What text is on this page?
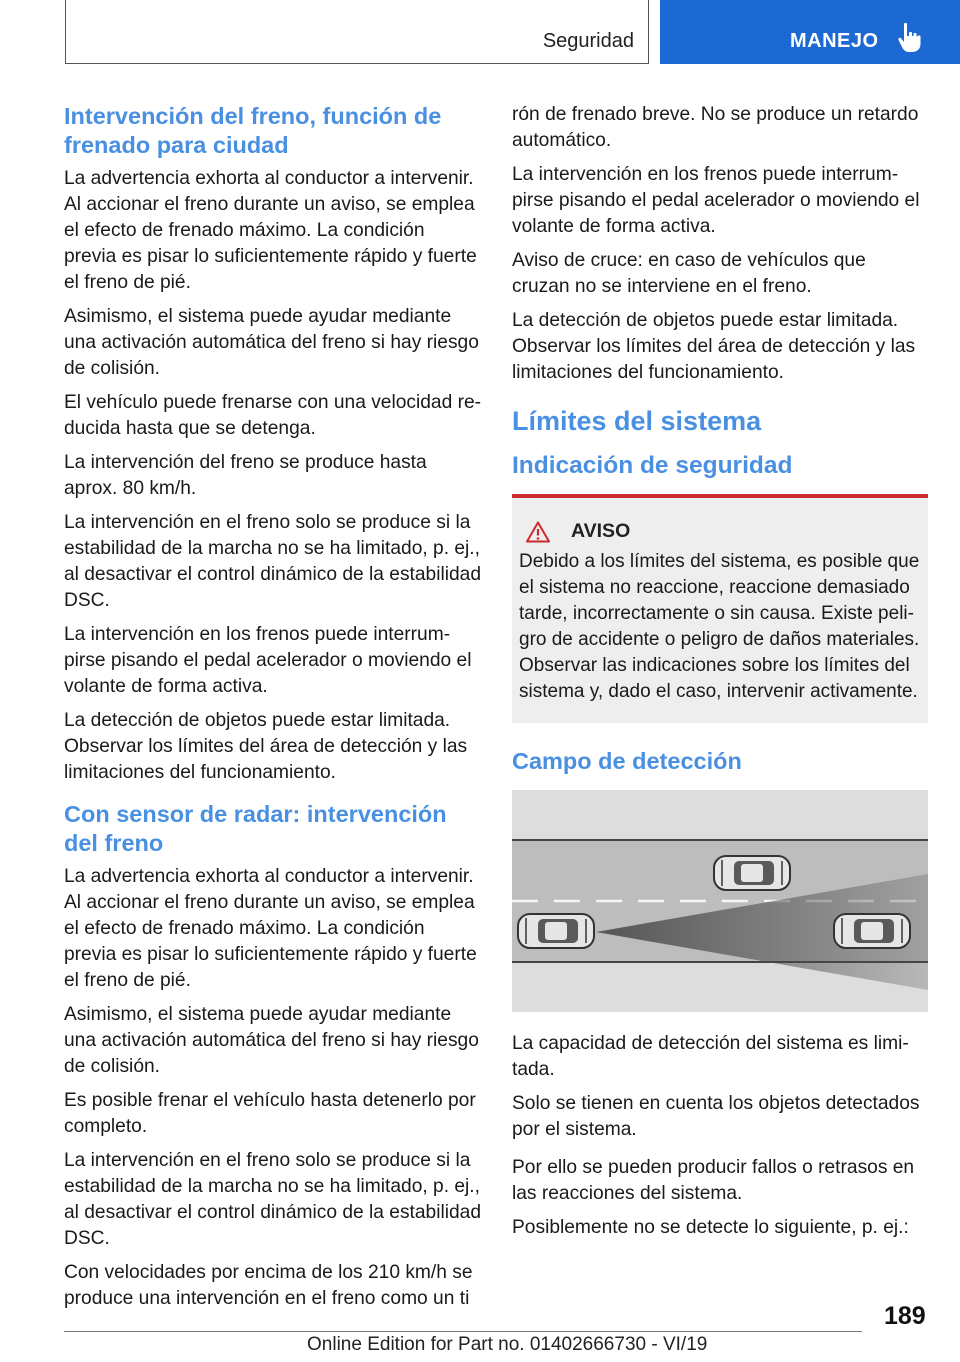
Seguridad	MANEJO
Intervención del freno, función de frenado para ciudad

La advertencia exhorta al conductor a intervenir. Al accionar el freno durante un aviso, se emplea el efecto de frenado máximo. La condición previa es pisar lo suficientemente rápido y fuerte el freno de pié.

Asimismo, el sistema puede ayudar mediante una activación automática del freno si hay riesgo de colisión.

El vehículo puede frenarse con una velocidad reducida hasta que se detenga.

La intervención del freno se produce hasta aprox. 80 km/h.

La intervención en el freno solo se produce si la estabilidad de la marcha no se ha limitado, p. ej., al desactivar el control dinámico de la estabilidad DSC.

La intervención en los frenos puede interrumpirse pisando el pedal acelerador o moviendo el volante de forma activa.

La detección de objetos puede estar limitada. Observar los límites del área de detección y las limitaciones del funcionamiento.

Con sensor de radar: intervención del freno

La advertencia exhorta al conductor a intervenir. Al accionar el freno durante un aviso, se emplea el efecto de frenado máximo. La condición previa es pisar lo suficientemente rápido y fuerte el freno de pié.

Asimismo, el sistema puede ayudar mediante una activación automática del freno si hay riesgo de colisión.

Es posible frenar el vehículo hasta detenerlo por completo.

La intervención en el freno solo se produce si la estabilidad de la marcha no se ha limitado, p. ej., al desactivar el control dinámico de la estabilidad DSC.

Con velocidades por encima de los 210 km/h se produce una intervención en el freno como un ti

rón de frenado breve. No se produce un retardo automático.

La intervención en los frenos puede interrumpirse pisando el pedal acelerador o moviendo el volante de forma activa.

Aviso de cruce: en caso de vehículos que cruzan no se interviene en el freno.

La detección de objetos puede estar limitada. Observar los límites del área de detección y las limitaciones del funcionamiento.

Límites del sistema
Indicación de seguridad
AVISO

Debido a los límites del sistema, es posible que el sistema no reaccione, reaccione demasiado tarde, incorrectamente o sin causa. Existe peligro de accidente o peligro de daños materiales. Observar las indicaciones sobre los límites del sistema y, dado el caso, intervenir activamente.

Campo de detección

La capacidad de detección del sistema es limitada.

Solo se tienen en cuenta los objetos detectados por el sistema.

Por ello se pueden producir fallos o retrasos en las reacciones del sistema.

Posiblemente no se detecte lo siguiente, p. ej.:

189
Online Edition for Part no. 01402666730 - VI/19
